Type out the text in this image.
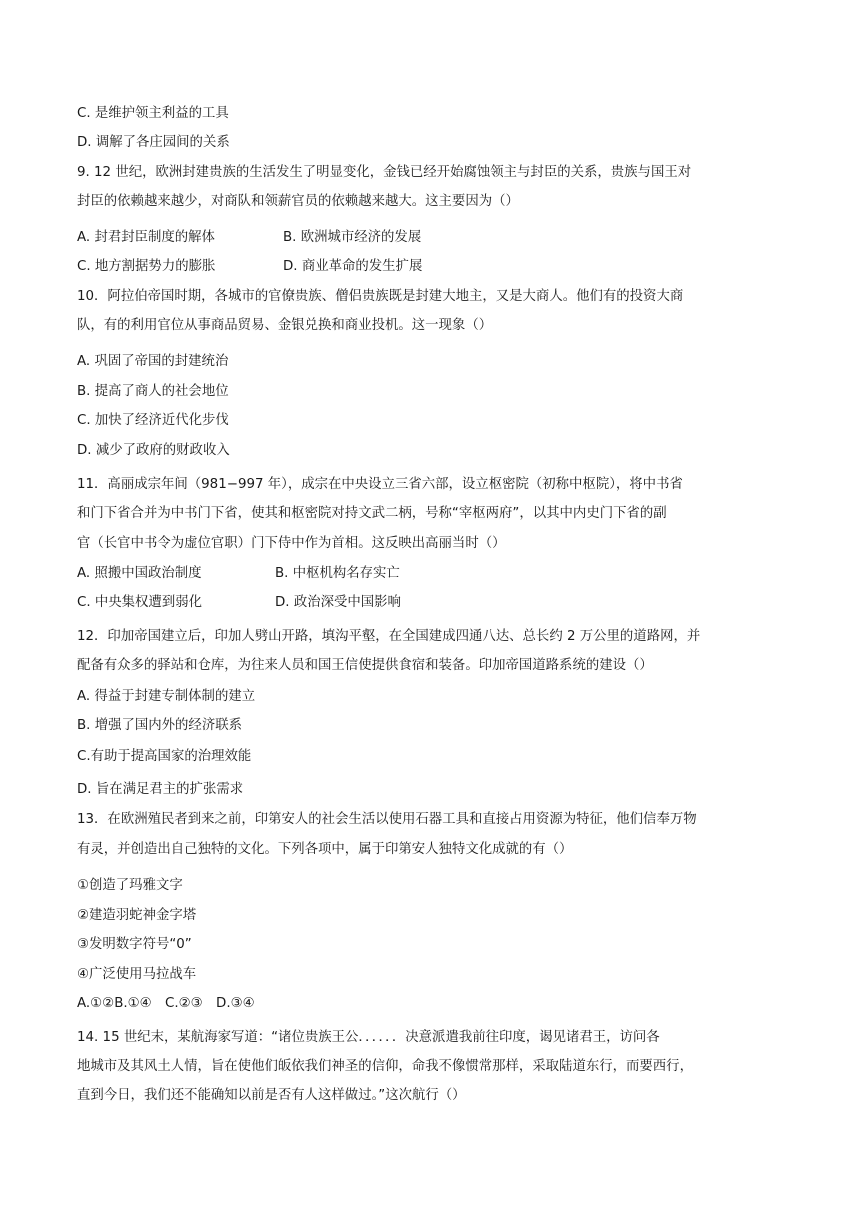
C. 是维护领主利益的工具
D. 调解了各庄园间的关系
9. 12 世纪，欧洲封建贵族的生活发生了明显变化，金钱已经开始腐蚀领主与封臣的关系，贵族与国王对
封臣的依赖越来越少，对商队和领薪官员的依赖越来越大。这主要因为（）
A. 封君封臣制度的解体	B. 欧洲城市经济的发展
C. 地方割据势力的膨胀	D. 商业革命的发生扩展
10．阿拉伯帝国时期，各城市的官僚贵族、僧侣贵族既是封建大地主，又是大商人。他们有的投资大商
队，有的利用官位从事商品贸易、金银兑换和商业投机。这一现象（）
A. 巩固了帝国的封建统治
B. 提高了商人的社会地位
C. 加快了经济近代化步伐
D. 减少了政府的财政收入
11．高丽成宗年间（981−997 年），成宗在中央设立三省六部，设立枢密院（初称中枢院），将中书省
和门下省合并为中书门下省，使其和枢密院对持文武二柄，号称“宰枢两府”，以其中内史门下省的副
官（长官中书令为虚位官职）门下侍中作为首相。这反映出高丽当时（）
A. 照搬中国政治制度	B. 中枢机构名存实亡
C. 中央集权遭到弱化	D. 政治深受中国影响
12．印加帝国建立后，印加人劈山开路，填沟平壑，在全国建成四通八达、总长约 2 万公里的道路网，并
配备有众多的驿站和仓库，为往来人员和国王信使提供食宿和装备。印加帝国道路系统的建设（）
A. 得益于封建专制体制的建立
B. 增强了国内外的经济联系
C.有助于提高国家的治理效能
D. 旨在满足君主的扩张需求
13．在欧洲殖民者到来之前，印第安人的社会生活以使用石器工具和直接占用资源为特征，他们信奉万物
有灵，并创造出自己独特的文化。下列各项中，属于印第安人独特文化成就的有（）
①创造了玛雅文字
②建造羽蛇神金字塔
③发明数字符号“0”
④广泛使用马拉战车
A.①②B.①④　C.②③　D.③④
14. 15 世纪末，某航海家写道：“诸位贵族王公．．．．．．决意派遣我前往印度，谒见诸君王，访问各
地城市及其风土人情，旨在使他们皈依我们神圣的信仰，命我不像惯常那样，采取陆道东行，而要西行，
直到今日，我们还不能确知以前是否有人这样做过。”这次航行（）
